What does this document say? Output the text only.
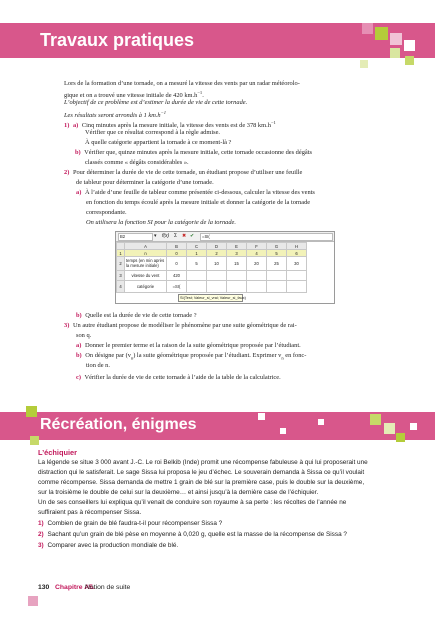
Travaux pratiques
Lors de la formation d’une tornade, on a mesuré la vitesse des vents par un radar météorolo-
gique et on a trouvé une vitesse initiale de 420 $km.h^{-1}$.
L’objectif de ce problème est d’estimer la durée de vie de cette tornade.
Les résultats seront arrondis à 1 $km.h^{-1}$
1) a) Cinq minutes après la mesure initiale, la vitesse des vents est de 378 $km.h^{-1}$
Vérifier que ce résultat correspond à la règle admise.
À quelle catégorie appartient la tornade à ce moment-là ?
b) Vérifier que, quinze minutes après la mesure initiale, cette tornade occasionne des dégâts
classés comme « dégâts considérables ».
2) Pour déterminer la durée de vie de cette tornade, un étudiant propose d’utiliser une feuille
de tableur pour déterminer la catégorie d’une tornade.
a) À l’aide d’une feuille de tableur comme présentée ci-dessous, calculer la vitesse des vents
en fonction du temps écoulé après la mesure initiale et donner la catégorie de la tornade
correspondante.
On utilisera la fonction SI pour la catégorie de la tornade.
B2	▾ f(x) Σ ✖ ✔	=SI(
	A	B	C	D	E	F	G	H
1	n	0	1	2	3	4	5	6
2	temps (en min après la mesure initiale)	0	5	10	15	20	25	30
3	vitesse du vent	420						
4	catégorie	=SI(						
SI(Test; Valeur_si_vrai; Valeur_si_faux)
b) Quelle est la durée de vie de cette tornade ?
3) Un autre étudiant propose de modéliser le phénomène par une suite géométrique de rai-
son q.
a) Donner le premier terme et la raison de la suite géométrique proposée par l’étudiant.
b) On désigne par $(v_n)$ la suite géométrique proposée par l’étudiant. Exprimer $v_n$ en fonc-
tion de n.
c) Vérifier la durée de vie de cette tornade à l’aide de la table de la calculatrice.
Récréation, énigmes
L’échiquier
La légende se situe 3 000 avant J.-C. Le roi Belkib (Inde) promit une récompense fabuleuse à qui lui proposerait une
distraction qui le satisferait. Le sage Sissa lui proposa le jeu d’échec. Le souverain demanda à Sissa ce qu’il voulait
comme récompense. Sissa demanda de mettre 1 grain de blé sur la première case, puis le double sur la deuxième,
sur la troisième le double de celui sur la deuxième… et ainsi jusqu’à la dernière case de l’échiquier.
Un de ses conseillers lui expliqua qu’il venait de conduire son royaume à sa perte : les récoltes de l’année ne
suffiraient pas à récompenser Sissa.
1) Combien de grain de blé faudra-t-il pour récompenser Sissa ?
2) Sachant qu’un grain de blé pèse en moyenne à 0,020 g, quelle est la masse de la récompense de Sissa ?
3) Comparer avec la production mondiale de blé.
130 Chapitre A5.
Notion de suite
